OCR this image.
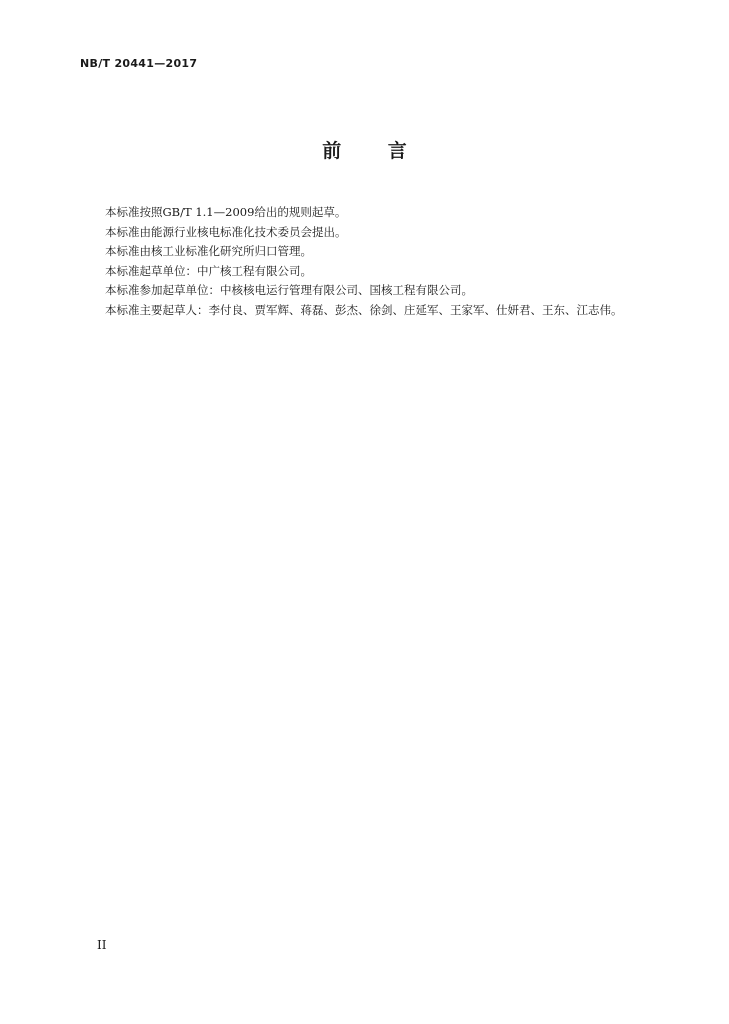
NB/T 20441—2017
前 言

本标准按照GB/T 1.1—2009给出的规则起草。

本标准由能源行业核电标准化技术委员会提出。

本标准由核工业标准化研究所归口管理。

本标准起草单位：中广核工程有限公司。

本标准参加起草单位：中核核电运行管理有限公司、国核工程有限公司。

本标准主要起草人：李付良、贾军辉、蒋磊、彭杰、徐剑、庄延军、王家军、仕妍君、王东、江志伟。

II
